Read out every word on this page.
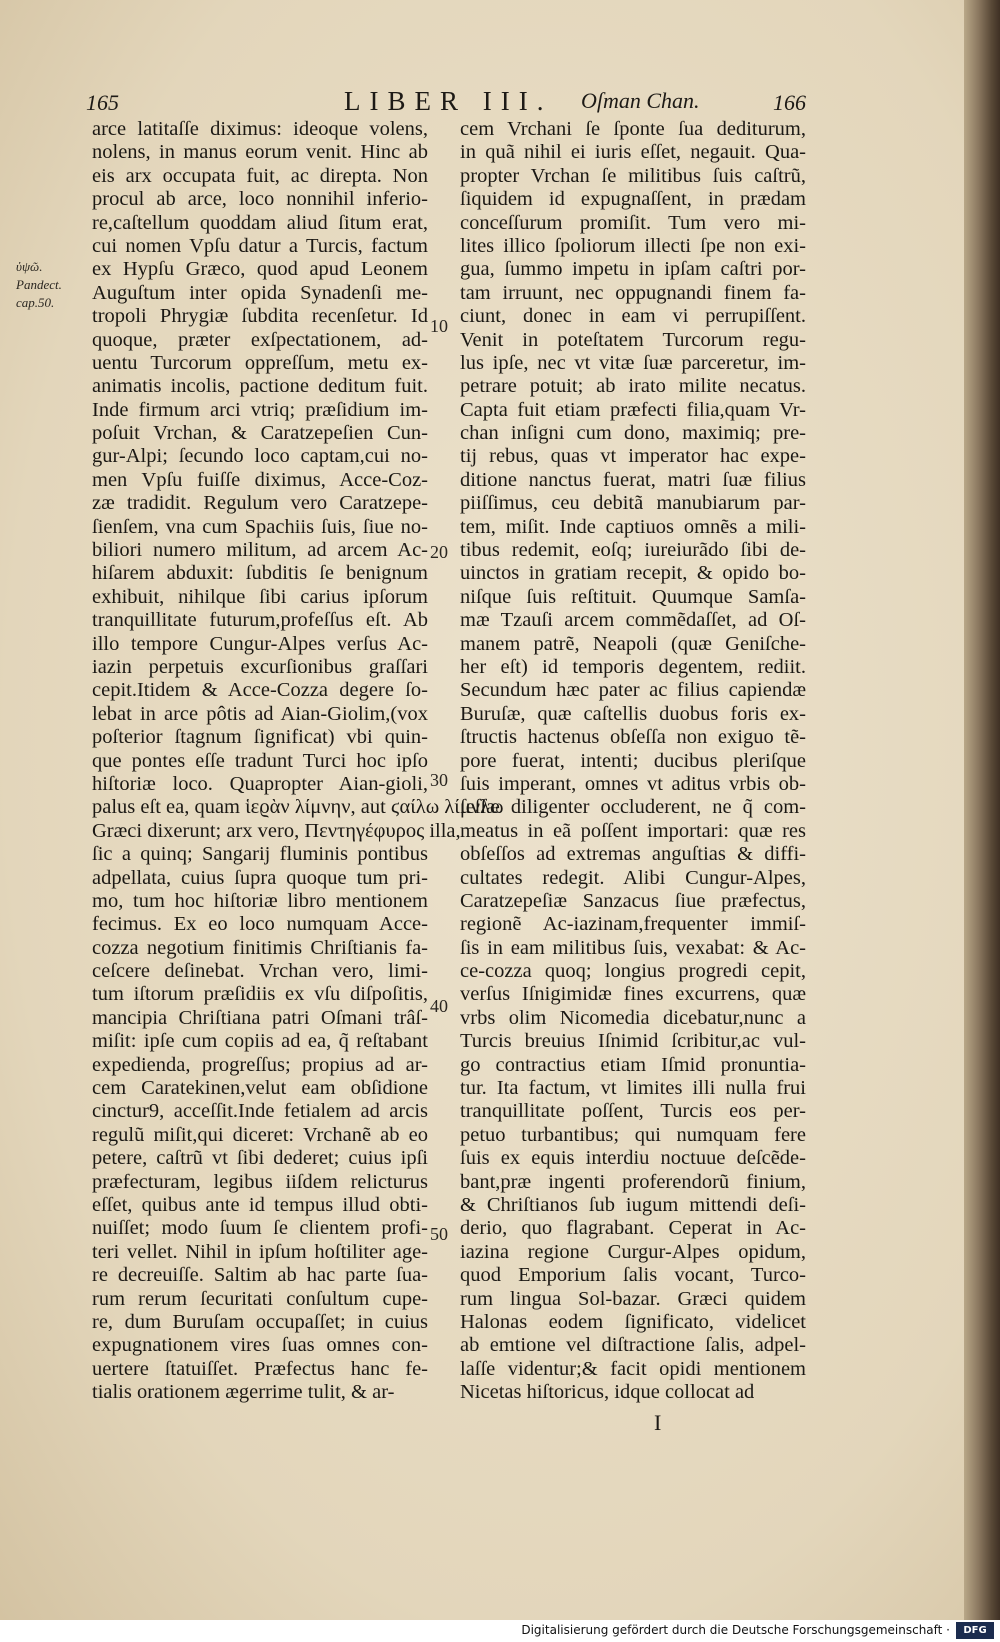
165	LIBER III. Oſman Chan.	166
ὑψῶ.
Pandect.
cap.50.
arce latitaſſe diximus: ideoque volens,
nolens, in manus eorum venit. Hinc ab
eis arx occupata fuit, ac direpta. Non
procul ab arce, loco nonnihil inferio-
re,caſtellum quoddam aliud ſitum erat,
cui nomen Vpſu datur a Turcis, factum
ex Hypſu Græco, quod apud Leonem
Auguſtum inter opida Synadenſi me-
tropoli Phrygiæ ſubdita recenſetur. Id
quoque, præter exſpectationem, ad-
uentu Turcorum oppreſſum, metu ex-
animatis incolis, pactione deditum fuit.
Inde firmum arci vtriq; præſidium im-
poſuit Vrchan, & Caratzepeſien Cun-
gur-Alpi; ſecundo loco captam,cui no-
men Vpſu fuiſſe diximus, Acce-Coz-
zæ tradidit. Regulum vero Caratzepe-
ſienſem, vna cum Spachiis ſuis, ſiue no-
biliori numero militum, ad arcem Ac-
hiſarem abduxit: ſubditis ſe benignum
exhibuit, nihilque ſibi carius ipſorum
tranquillitate futurum,profeſſus eſt. Ab
illo tempore Cungur-Alpes verſus Ac-
iazin perpetuis excurſionibus graſſari
cepit.Itidem & Acce-Cozza degere ſo-
lebat in arce pôtis ad Aian-Giolim,(vox
poſterior ſtagnum ſignificat) vbi quin-
que pontes eſſe tradunt Turci hoc ipſo
hiſtoriæ loco. Quapropter Aian-gioli,
palus eſt ea, quam ἱεϱὰν λίμνην, aut ϛαίλω λίμνλω
Græci dixerunt; arx vero, Πεντηγέφυρος illa,
ſic a quinq; Sangarij fluminis pontibus
adpellata, cuius ſupra quoque tum pri-
mo, tum hoc hiſtoriæ libro mentionem
fecimus. Ex eo loco numquam Acce-
cozza negotium finitimis Chriſtianis fa-
ceſcere deſinebat. Vrchan vero, limi-
tum iſtorum præſidiis ex vſu diſpoſitis,
mancipia Chriſtiana patri Oſmani trâſ-
miſit: ipſe cum copiis ad ea, q̃ reſtabant
expedienda, progreſſus; propius ad ar-
cem Caratekinen,velut eam obſidione
cinctur9, acceſſit.Inde fetialem ad arcis
regulũ miſit,qui diceret: Vrchanẽ ab eo
petere, caſtrũ vt ſibi dederet; cuius ipſi
præfecturam, legibus iiſdem relicturus
eſſet, quibus ante id tempus illud obti-
nuiſſet; modo ſuum ſe clientem profi-
teri vellet. Nihil in ipſum hoſtiliter age-
re decreuiſſe. Saltim ab hac parte ſua-
rum rerum ſecuritati conſultum cupe-
re, dum Buruſam occupaſſet; in cuius
expugnationem vires ſuas omnes con-
uertere ſtatuiſſet. Præfectus hanc fe-
tialis orationem ægerrime tulit, & ar-
cem Vrchani ſe ſponte ſua dediturum,
in quã nihil ei iuris eſſet, negauit. Qua-
propter Vrchan ſe militibus ſuis caſtrũ,
ſiquidem id expugnaſſent, in prædam
conceſſurum promiſit. Tum vero mi-
lites illico ſpoliorum illecti ſpe non exi-
gua, ſummo impetu in ipſam caſtri por-
tam irruunt, nec oppugnandi finem fa-
ciunt, donec in eam vi perrupiſſent.
Venit in poteſtatem Turcorum regu-
lus ipſe, nec vt vitæ ſuæ parceretur, im-
petrare potuit; ab irato milite necatus.
Capta fuit etiam præfecti filia,quam Vr-
chan inſigni cum dono, maximiq; pre-
tij rebus, quas vt imperator hac expe-
ditione nanctus fuerat, matri ſuæ filius
piiſſimus, ceu debitã manubiarum par-
tem, miſit. Inde captiuos omnẽs a mili-
tibus redemit, eoſq; iureiurãdo ſibi de-
uinctos in gratiam recepit, & opido bo-
niſque ſuis reſtituit. Quumque Samſa-
mæ Tzauſi arcem commẽdaſſet, ad Oſ-
manem patrẽ, Neapoli (quæ Geniſche-
her eſt) id temporis degentem, rediit.
Secundum hæc pater ac filius capiendæ
Buruſæ, quæ caſtellis duobus foris ex-
ſtructis hactenus obſeſſa non exiguo tẽ-
pore fuerat, intenti; ducibus pleriſque
ſuis imperant, omnes vt aditus vrbis ob-
ſeſſæ diligenter occluderent, ne q̃ com-
meatus in eã poſſent importari: quæ res
obſeſſos ad extremas anguſtias & diffi-
cultates redegit. Alibi Cungur-Alpes,
Caratzepeſiæ Sanzacus ſiue præfectus,
regionẽ Ac-iazinam,frequenter immiſ-
ſis in eam militibus ſuis, vexabat: & Ac-
ce-cozza quoq; longius progredi cepit,
verſus Iſnigimidæ fines excurrens, quæ
vrbs olim Nicomedia dicebatur,nunc a
Turcis breuius Iſnimid ſcribitur,ac vul-
go contractius etiam Iſmid pronuntia-
tur. Ita factum, vt limites illi nulla frui
tranquillitate poſſent, Turcis eos per-
petuo turbantibus; qui numquam fere
ſuis ex equis interdiu noctuue deſcẽde-
bant,præ ingenti proferendorũ finium,
& Chriſtianos ſub iugum mittendi deſi-
derio, quo flagrabant. Ceperat in Ac-
iazina regione Curgur-Alpes opidum,
quod Emporium ſalis vocant, Turco-
rum lingua Sol-bazar. Græci quidem
Halonas eodem ſignificato, videlicet
ab emtione vel diſtractione ſalis, adpel-
laſſe videntur;& facit opidi mentionem
Nicetas hiſtoricus, idque collocat ad
10
20
30
40
50
I
Digitalisierung gefördert durch die Deutsche Forschungsgemeinschaft ·	DFG
